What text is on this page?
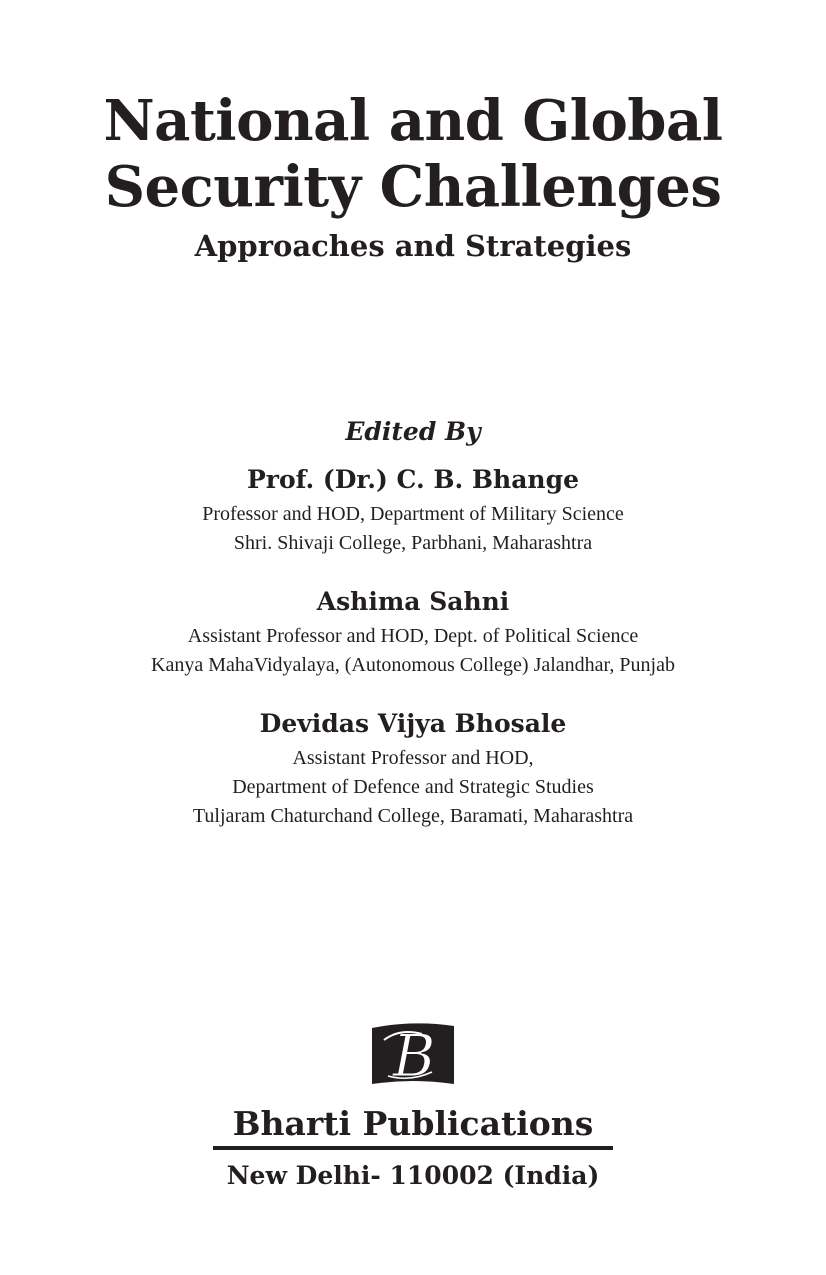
National and Global
Security Challenges
Approaches and Strategies
Edited By
Prof. (Dr.) C. B. Bhange
Professor and HOD, Department of Military Science
Shri. Shivaji College, Parbhani, Maharashtra
Ashima Sahni
Assistant Professor and HOD, Dept. of Political Science
Kanya MahaVidyalaya, (Autonomous College) Jalandhar, Punjab
Devidas Vijya Bhosale
Assistant Professor and HOD,
Department of Defence and Strategic Studies
Tuljaram Chaturchand College, Baramati, Maharashtra
B
Bharti Publications
New Delhi- 110002 (India)
